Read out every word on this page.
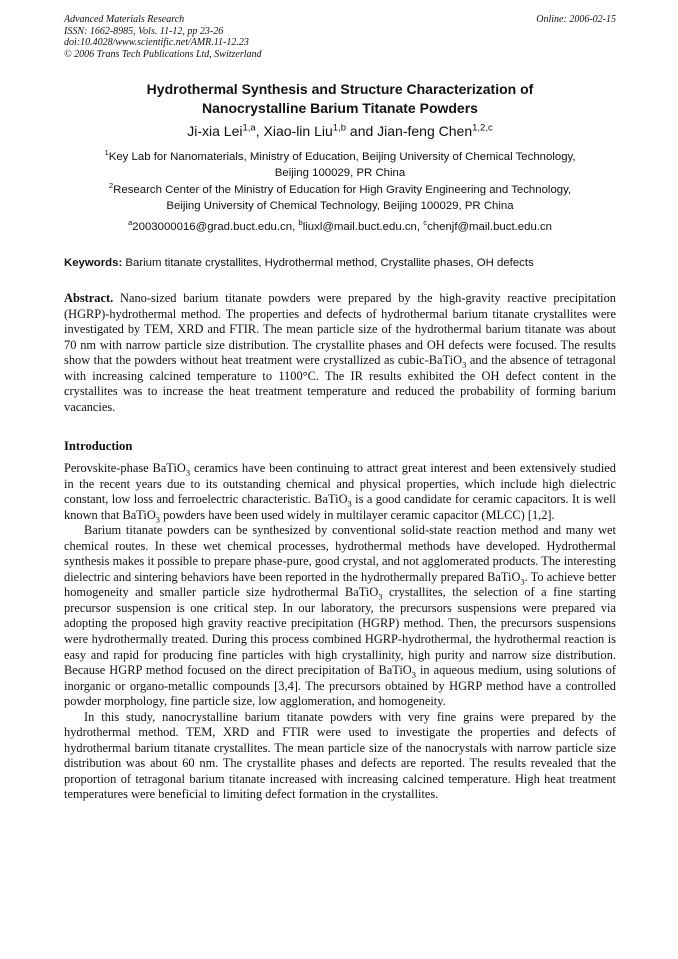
Advanced Materials Research
ISSN: 1662-8985, Vols. 11-12, pp 23-26
doi:10.4028/www.scientific.net/AMR.11-12.23
© 2006 Trans Tech Publications Ltd, Switzerland
Online: 2006-02-15
Hydrothermal Synthesis and Structure Characterization of
Nanocrystalline Barium Titanate Powders
Ji-xia Lei$^{1,a}$, Xiao-lin Liu$^{1,b}$ and Jian-feng Chen$^{1,2,c}$
$^1$Key Lab for Nanomaterials, Ministry of Education, Beijing University of Chemical Technology,
Beijing 100029, PR China
$^2$Research Center of the Ministry of Education for High Gravity Engineering and Technology,
Beijing University of Chemical Technology, Beijing 100029, PR China
$^a$2003000016@grad.buct.edu.cn, $^b$liuxl@mail.buct.edu.cn, $^c$chenjf@mail.buct.edu.cn
Keywords: Barium titanate crystallites, Hydrothermal method, Crystallite phases, OH defects
Abstract. Nano-sized barium titanate powders were prepared by the high-gravity reactive precipitation (HGRP)-hydrothermal method. The properties and defects of hydrothermal barium titanate crystallites were investigated by TEM, XRD and FTIR. The mean particle size of the hydrothermal barium titanate was about 70 nm with narrow particle size distribution. The crystallite phases and OH defects were focused. The results show that the powders without heat treatment were crystallized as cubic-BaTiO$_3$ and the absence of tetragonal with increasing calcined temperature to 1100°C. The IR results exhibited the OH defect content in the crystallites was to increase the heat treatment temperature and reduced the probability of forming barium vacancies.
Introduction

Perovskite-phase BaTiO$_3$ ceramics have been continuing to attract great interest and been extensively studied in the recent years due to its outstanding chemical and physical properties, which include high dielectric constant, low loss and ferroelectric characteristic. BaTiO$_3$ is a good candidate for ceramic capacitors. It is well known that BaTiO$_3$ powders have been used widely in multilayer ceramic capacitor (MLCC) [1,2].

Barium titanate powders can be synthesized by conventional solid-state reaction method and many wet chemical routes. In these wet chemical processes, hydrothermal methods have developed. Hydrothermal synthesis makes it possible to prepare phase-pure, good crystal, and not agglomerated products. The interesting dielectric and sintering behaviors have been reported in the hydrothermally prepared BaTiO$_3$. To achieve better homogeneity and smaller particle size hydrothermal BaTiO$_3$ crystallites, the selection of a fine starting precursor suspension is one critical step. In our laboratory, the precursors suspensions were prepared via adopting the proposed high gravity reactive precipitation (HGRP) method. Then, the precursors suspensions were hydrothermally treated. During this process combined HGRP-hydrothermal, the hydrothermal reaction is easy and rapid for producing fine particles with high crystallinity, high purity and narrow size distribution. Because HGRP method focused on the direct precipitation of BaTiO$_3$ in aqueous medium, using solutions of inorganic or organo-metallic compounds [3,4]. The precursors obtained by HGRP method have a controlled powder morphology, fine particle size, low agglomeration, and homogeneity.

In this study, nanocrystalline barium titanate powders with very fine grains were prepared by the hydrothermal method. TEM, XRD and FTIR were used to investigate the properties and defects of hydrothermal barium titanate crystallites. The mean particle size of the nanocrystals with narrow particle size distribution was about 60 nm. The crystallite phases and defects are reported. The results revealed that the proportion of tetragonal barium titanate increased with increasing calcined temperature. High heat treatment temperatures were beneficial to limiting defect formation in the crystallites.
